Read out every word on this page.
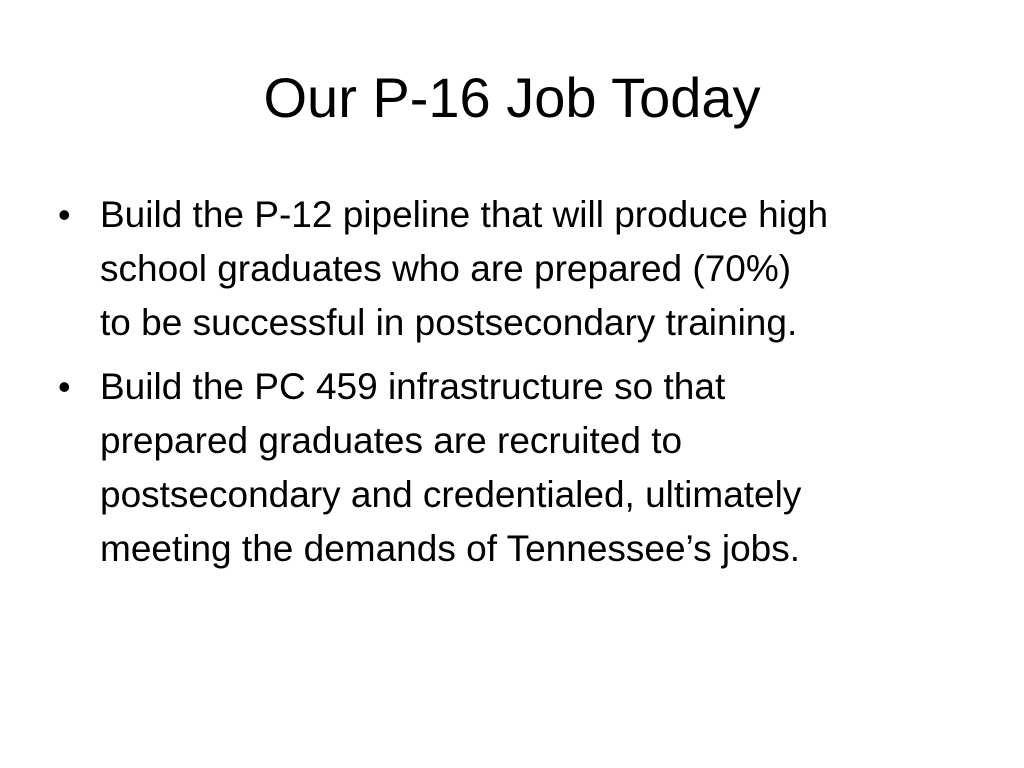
Our P-16 Job Today
• Build the P-12 pipeline that will produce high
school graduates who are prepared (70%)
to be successful in postsecondary training.
• Build the PC 459 infrastructure so that
prepared graduates are recruited to
postsecondary and credentialed, ultimately
meeting the demands of Tennessee’s jobs.
